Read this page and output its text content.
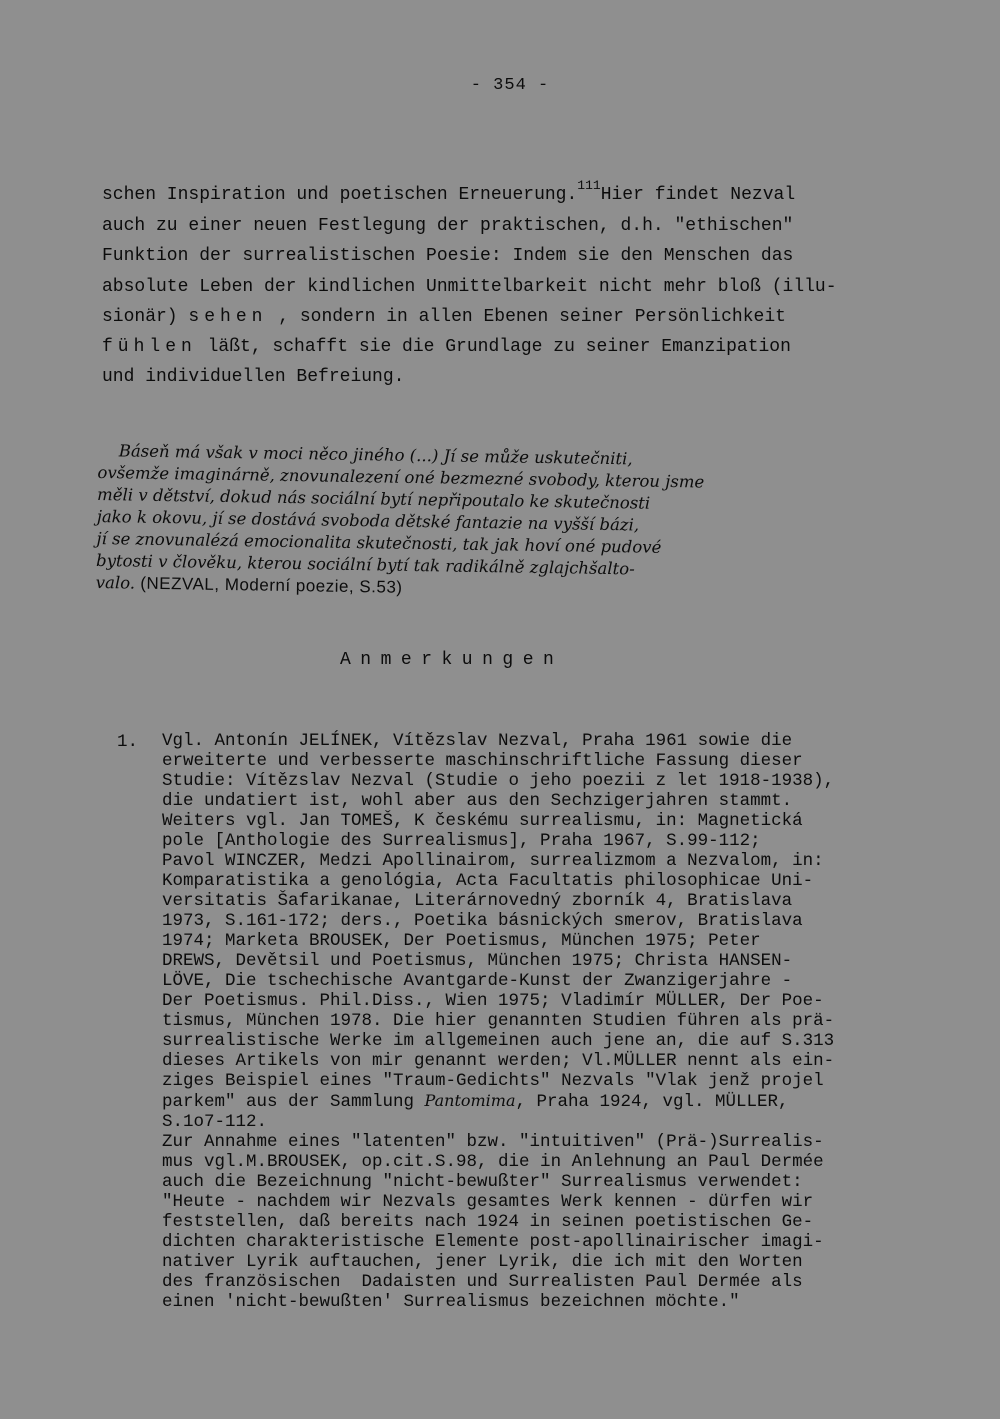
- 354 -
schen Inspiration und poetischen Erneuerung.$^{111}$Hier findet Nezval
auch zu einer neuen Festlegung der praktischen, d.h. "ethischen"
Funktion der surrealistischen Poesie: Indem sie den Menschen das
absolute Leben der kindlichen Unmittelbarkeit nicht mehr bloß (illu-
sionär) sehen , sondern in allen Ebenen seiner Persönlichkeit
fühlen läßt, schafft sie die Grundlage zu seiner Emanzipation
und individuellen Befreiung.
Báseň má však v moci něco jiného (...) Jí se může uskutečniti,
ovšemže imaginárně, znovunalezení oné bezmezné svobody, kterou jsme
měli v dětství, dokud nás sociální bytí nepřipoutalo ke skutečnosti
jako k okovu, jí se dostává svoboda dětské fantazie na vyšší bázi,
jí se znovunalézá emocionalita skutečnosti, tak jak hoví oné pudové
bytosti v člověku, kterou sociální bytí tak radikálně zglajchšalto-
valo. (NEZVAL, Moderní poezie, S.53)
Anmerkungen
1. Vgl. Antonín JELÍNEK, Vítězslav Nezval, Praha 1961 sowie die
erweiterte und verbesserte maschinschriftliche Fassung dieser
Studie: Vítězslav Nezval (Studie o jeho poezii z let 1918-1938),
die undatiert ist, wohl aber aus den Sechzigerjahren stammt.
Weiters vgl. Jan TOMEŠ, K českému surrealismu, in: Magnetická
pole [Anthologie des Surrealismus], Praha 1967, S.99-112;
Pavol WINCZER, Medzi Apollinairom, surrealizmom a Nezvalom, in:
Komparatistika a genológia, Acta Facultatis philosophicae Uni-
versitatis Šafarikanae, Literárnovedný zborník 4, Bratislava
1973, S.161-172; ders., Poetika básnických smerov, Bratislava
1974; Marketa BROUSEK, Der Poetismus, München 1975; Peter
DREWS, Devětsil und Poetismus, München 1975; Christa HANSEN-
LÖVE, Die tschechische Avantgarde-Kunst der Zwanzigerjahre -
Der Poetismus. Phil.Diss., Wien 1975; Vladimír MÜLLER, Der Poe-
tismus, München 1978. Die hier genannten Studien führen als prä-
surrealistische Werke im allgemeinen auch jene an, die auf S.313
dieses Artikels von mir genannt werden; Vl.MÜLLER nennt als ein-
ziges Beispiel eines "Traum-Gedichts" Nezvals "Vlak jenž projel
parkem" aus der Sammlung Pantomima, Praha 1924, vgl. MÜLLER,
S.1o7-112.
Zur Annahme eines "latenten" bzw. "intuitiven" (Prä-)Surrealis-
mus vgl.M.BROUSEK, op.cit.S.98, die in Anlehnung an Paul Dermée
auch die Bezeichnung "nicht-bewußter" Surrealismus verwendet:
"Heute - nachdem wir Nezvals gesamtes Werk kennen - dürfen wir
feststellen, daß bereits nach 1924 in seinen poetistischen Ge-
dichten charakteristische Elemente post-apollinairischer imagi-
nativer Lyrik auftauchen, jener Lyrik, die ich mit den Worten
des französischen  Dadaisten und Surrealisten Paul Dermée als
einen 'nicht-bewußten' Surrealismus bezeichnen möchte."
